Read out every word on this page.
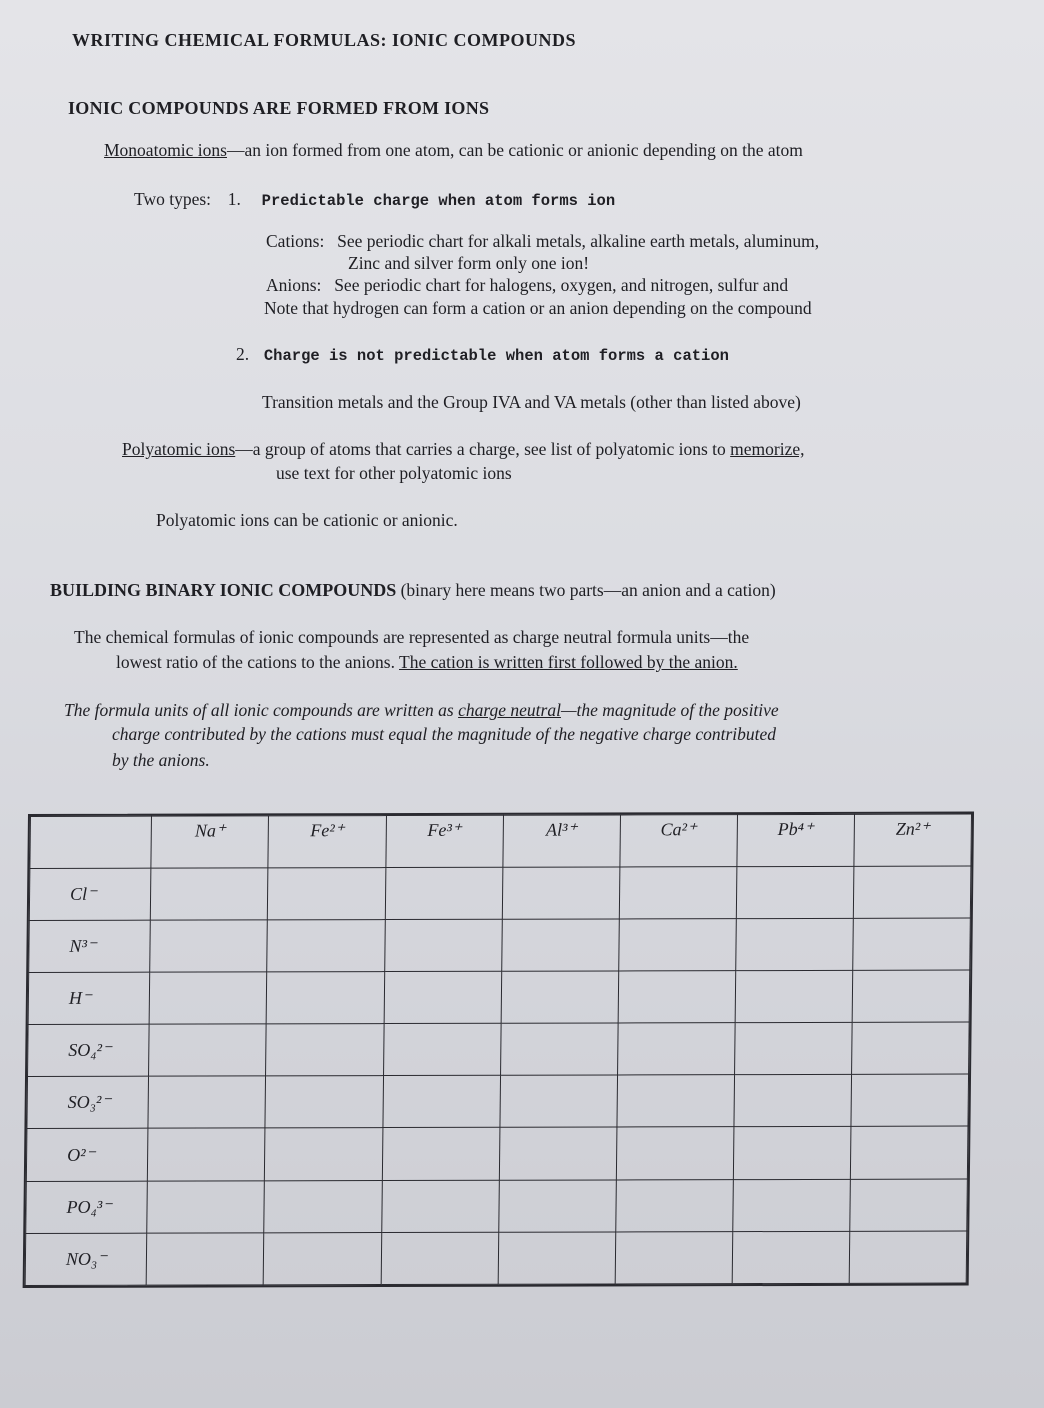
WRITING CHEMICAL FORMULAS: IONIC COMPOUNDS
IONIC COMPOUNDS ARE FORMED FROM IONS
Monoatomic ions—an ion formed from one atom, can be cationic or anionic depending on the atom
Two types: 1. Predictable charge when atom forms ion
Cations: See periodic chart for alkali metals, alkaline earth metals, aluminum,
Zinc and silver form only one ion!
Anions: See periodic chart for halogens, oxygen, and nitrogen, sulfur and
Note that hydrogen can form a cation or an anion depending on the compound
2. Charge is not predictable when atom forms a cation
Transition metals and the Group IVA and VA metals (other than listed above)
Polyatomic ions—a group of atoms that carries a charge, see list of polyatomic ions to memorize,
use text for other polyatomic ions
Polyatomic ions can be cationic or anionic.
BUILDING BINARY IONIC COMPOUNDS (binary here means two parts—an anion and a cation)
The chemical formulas of ionic compounds are represented as charge neutral formula units—the
lowest ratio of the cations to the anions. The cation is written first followed by the anion.
The formula units of all ionic compounds are written as charge neutral—the magnitude of the positive
charge contributed by the cations must equal the magnitude of the negative charge contributed
by the anions.
	Na⁺	Fe²⁺	Fe³⁺	Al³⁺	Ca²⁺	Pb⁴⁺	Zn²⁺
Cl⁻							
N³⁻							
H⁻							
SO₄²⁻							
SO₃²⁻							
O²⁻							
PO₄³⁻							
NO₃⁻							
